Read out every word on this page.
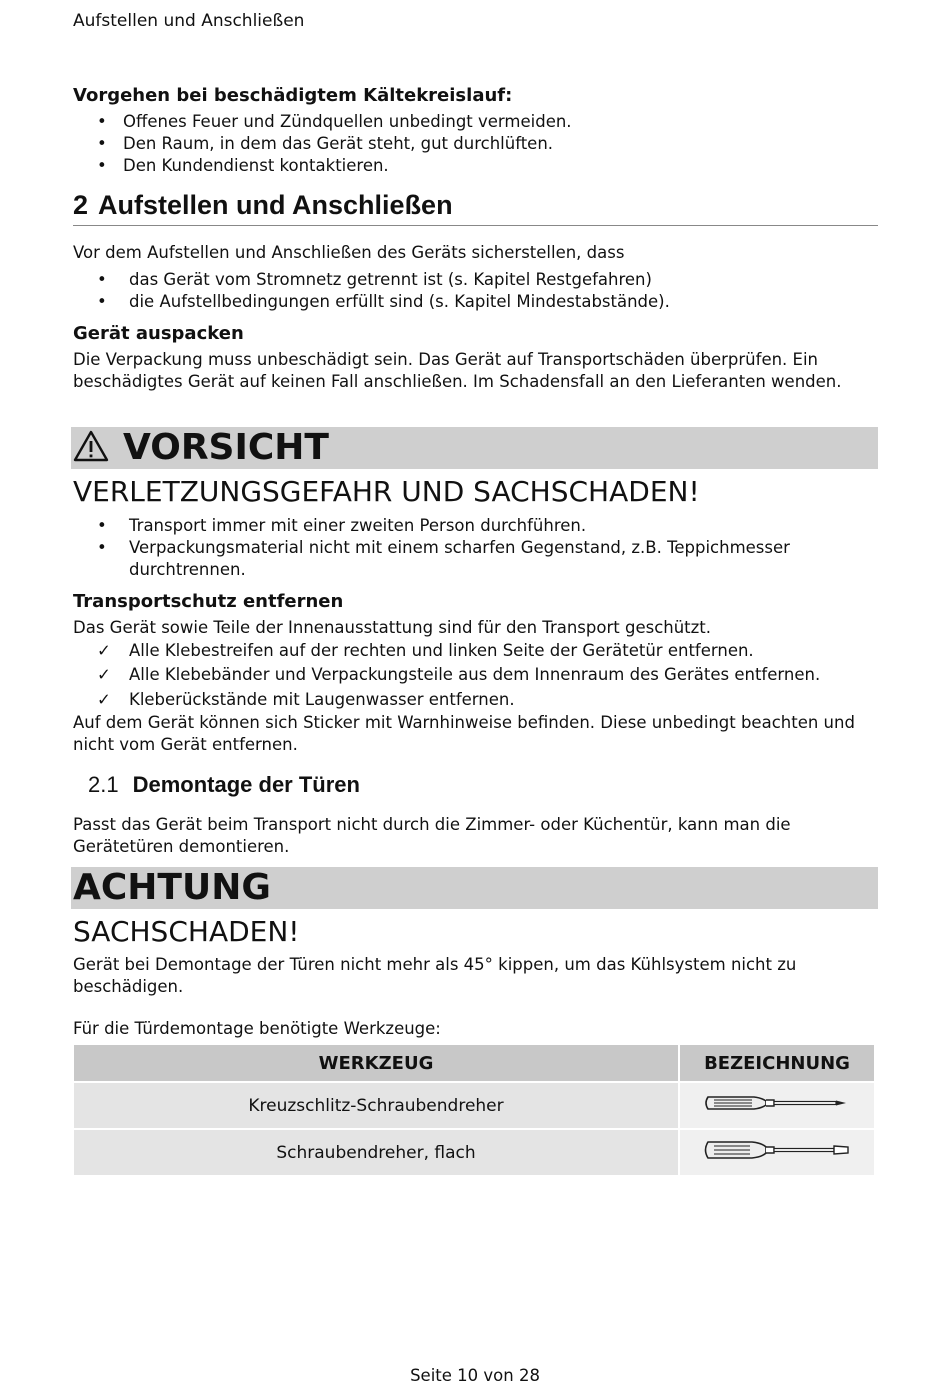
Aufstellen und Anschließen

Vorgehen bei beschädigtem Kältekreislauf:

• Offenes Feuer und Zündquellen unbedingt vermeiden.
• Den Raum, in dem das Gerät steht, gut durchlüften.
• Den Kundendienst kontaktieren.
2 Aufstellen und Anschließen

Vor dem Aufstellen und Anschließen des Geräts sicherstellen, dass

• das Gerät vom Stromnetz getrennt ist (s. Kapitel Restgefahren)
• die Aufstellbedingungen erfüllt sind (s. Kapitel Mindestabstände).

Gerät auspacken

Die Verpackung muss unbeschädigt sein. Das Gerät auf Transportschäden überprüfen. Ein beschädigtes Gerät auf keinen Fall anschließen. Im Schadensfall an den Lieferanten wenden.

VORSICHT
VERLETZUNGSGEFAHR UND SACHSCHADEN!
• Transport immer mit einer zweiten Person durchführen.
• Verpackungsmaterial nicht mit einem scharfen Gegenstand, z.B. Teppichmesser durchtrennen.

Transportschutz entfernen

Das Gerät sowie Teile der Innenausstattung sind für den Transport geschützt.

✓ Alle Klebestreifen auf der rechten und linken Seite der Gerätetür entfernen.
✓ Alle Klebebänder und Verpackungsteile aus dem Innenraum des Gerätes entfernen.
✓ Kleberückstände mit Laugenwasser entfernen.

Auf dem Gerät können sich Sticker mit Warnhinweise befinden. Diese unbedingt beachten und nicht vom Gerät entfernen.

2.1 Demontage der Türen

Passt das Gerät beim Transport nicht durch die Zimmer- oder Küchentür, kann man die Gerätetüren demontieren.

ACHTUNG
SACHSCHADEN!

Gerät bei Demontage der Türen nicht mehr als 45° kippen, um das Kühlsystem nicht zu beschädigen.

Für die Türdemontage benötigte Werkzeuge:

WERKZEUG	BEZEICHNUNG
Kreuzschlitz-Schraubendreher	
Schraubendreher, flach	
Seite 10 von 28
